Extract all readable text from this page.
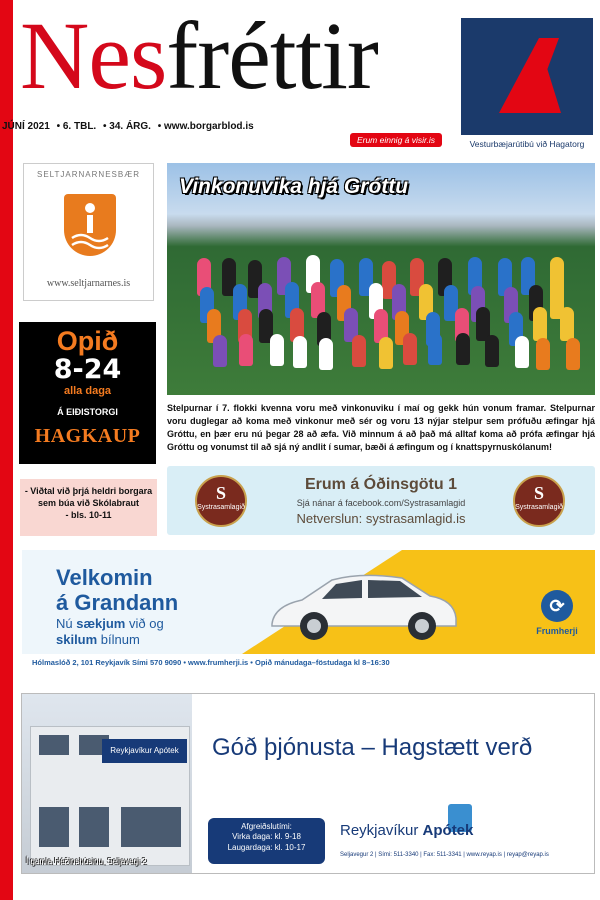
Nesfréttir
JÚNÍ 2021 • 6. TBL. • 34. ÁRG. • www.borgarblod.is
Erum einnig á visir.is	Vesturbæjarútibú við Hagatorg
SELTJARNARNESBÆR
www.seltjarnarnes.is
Opið
8-24
alla daga
Á EIÐISTORGI
HAGKAUP
- Viðtal við þrjá heldri borgara
sem búa við Skólabraut
- bls. 10-11
Vinkonuvika hjá Gróttu
Stelpurnar í 7. flokki kvenna voru með vinkonuviku í maí og gekk hún vonum framar. Stelpurnar voru duglegar að koma með vinkonur með sér og voru 13 nýjar stelpur sem prófuðu æfingar hjá Gróttu, en þær eru nú þegar 28 að æfa. Við minnum á að það má alltaf koma að prófa æfingar hjá Gróttu og vonumst til að sjá ný andlit í sumar, bæði á æfingum og í knattspyrnuskólanum!
S
Systrasamlagið
S
Systrasamlagið
Erum á Óðinsgötu 1
Sjá nánar á facebook.com/Systrasamlagid
Netverslun: systrasamlagid.is
Velkomin
á Grandann
Nú sækjum við og
skilum bílnum
⟳
Frumherji
Hólmaslóð 2, 101 Reykjavík Sími 570 9090 • www.frumherji.is • Opið mánudaga–föstudaga kl 8–16:30
Reykjavíkur Apótek
Í gamla Héðinshúsinu, Seljavegi 2
Góð þjónusta – Hagstætt verð
Afgreiðslutími:
Virka daga: kl. 9-18
Laugardaga: kl. 10-17
Reykjavíkur Apótek
Seljavegur 2 | Sími: 511-3340 | Fax: 511-3341 | www.reyap.is | reyap@reyap.is
